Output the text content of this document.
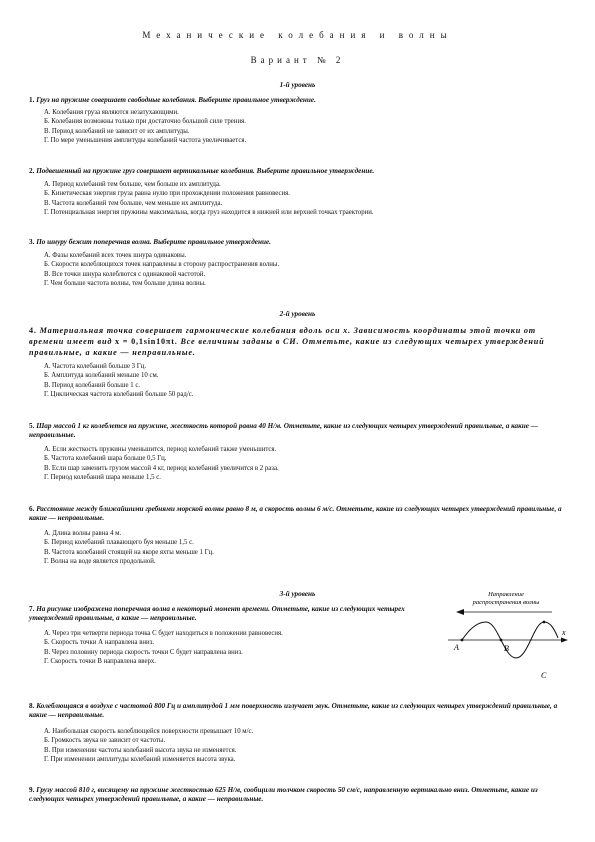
Механические колебания и волны
Вариант № 2
1-й уровень
1. Груз на пружине совершает свободные колебания. Выберите правильное утверждение.
А. Колебания груза являются незатухающими.
Б. Колебания возможны только при достаточно большой силе трения.
В. Период колебаний не зависит от их амплитуды.
Г. По мере уменьшения амплитуды колебаний частота увеличивается.
2. Подвешенный на пружине груз совершает вертикальные колебания. Выберите правильное утверждение.
А. Период колебаний тем больше, чем больше их амплитуда.
Б. Кинетическая энергия груза равна нулю при прохождении положения равновесия.
В. Частота колебаний тем больше, чем меньше их амплитуда.
Г. Потенциальная энергия пружины максимальна, когда груз находится в нижней или верхней точках траектории.
3. По шнуру бежит поперечная волна. Выберите правильное утверждение.
А. Фазы колебаний всех точек шнура одинаковы.
Б. Скорости колеблющихся точек направлены в сторону распространения волны.
В. Все точки шнура колеблются с одинаковой частотой.
Г. Чем больше частота волны, тем больше длина волны.
2-й уровень
4. Материальная точка совершает гармонические колебания вдоль оси x. Зависимость координаты этой точки от времени имеет вид x = 0,1sin10πt. Все величины заданы в СИ. Отметьте, какие из следующих четырех утверждений правильные, а какие — неправильные.
А. Частота колебаний больше 3 Гц.
Б. Амплитуда колебаний меньше 10 см.
В. Период колебаний больше 1 с.
Г. Циклическая частота колебаний больше 50 рад/с.
5. Шар массой 1 кг колеблется на пружине, жесткость которой равна 40 Н/м. Отметьте, какие из следующих четырех утверждений правильные, а какие — неправильные.
А. Если жесткость пружины уменьшится, период колебаний также уменьшится.
Б. Частота колебаний шара больше 0,5 Гц.
В. Если шар заменить грузом массой 4 кг, период колебаний увеличится в 2 раза.
Г. Период колебаний шара меньше 1,5 с.
6. Расстояние между ближайшими гребнями морской волны равно 8 м, а скорость волны 6 м/с. Отметьте, какие из следующих четырех утверждений правильные, а какие — неправильные.
А. Длина волны равна 4 м.
Б. Период колебаний плавающего буя меньше 1,5 с.
В. Частота колебаний стоящей на якоре яхты меньше 1 Гц.
Г. Волна на воде является продольной.
3-й уровень
7. На рисунке изображена поперечная волна в некоторый момент времени. Отметьте, какие из следующих четырех утверждений правильные, а какие — неправильные.
А. Через три четверти периода точка С будет находиться в положении равновесия.
Б. Скорость точки А направлена вниз.
В. Через половину периода скорость точки С будет направлена вниз.
Г. Скорость точки В направлена вверх.
Направление
распространения волны
x
A	B
C
8. Колеблющаяся в воздухе с частотой 800 Гц и амплитудой 1 мм поверхность излучает звук. Отметьте, какие из следующих четырех утверждений правильные, а какие — неправильные.
А. Наибольшая скорость колеблющейся поверхности превышает 10 м/с.
Б. Громкость звука не зависит от частоты.
В. При изменении частоты колебаний высота звука не изменяется.
Г. При изменении амплитуды колебаний изменяется высота звука.
9. Грузу массой 810 г, висящему на пружине жесткостью 625 Н/м, сообщили толчком скорость 50 см/с, направленную вертикально вниз. Отметьте, какие из следующих четырех утверждений правильные, а какие — неправильные.
